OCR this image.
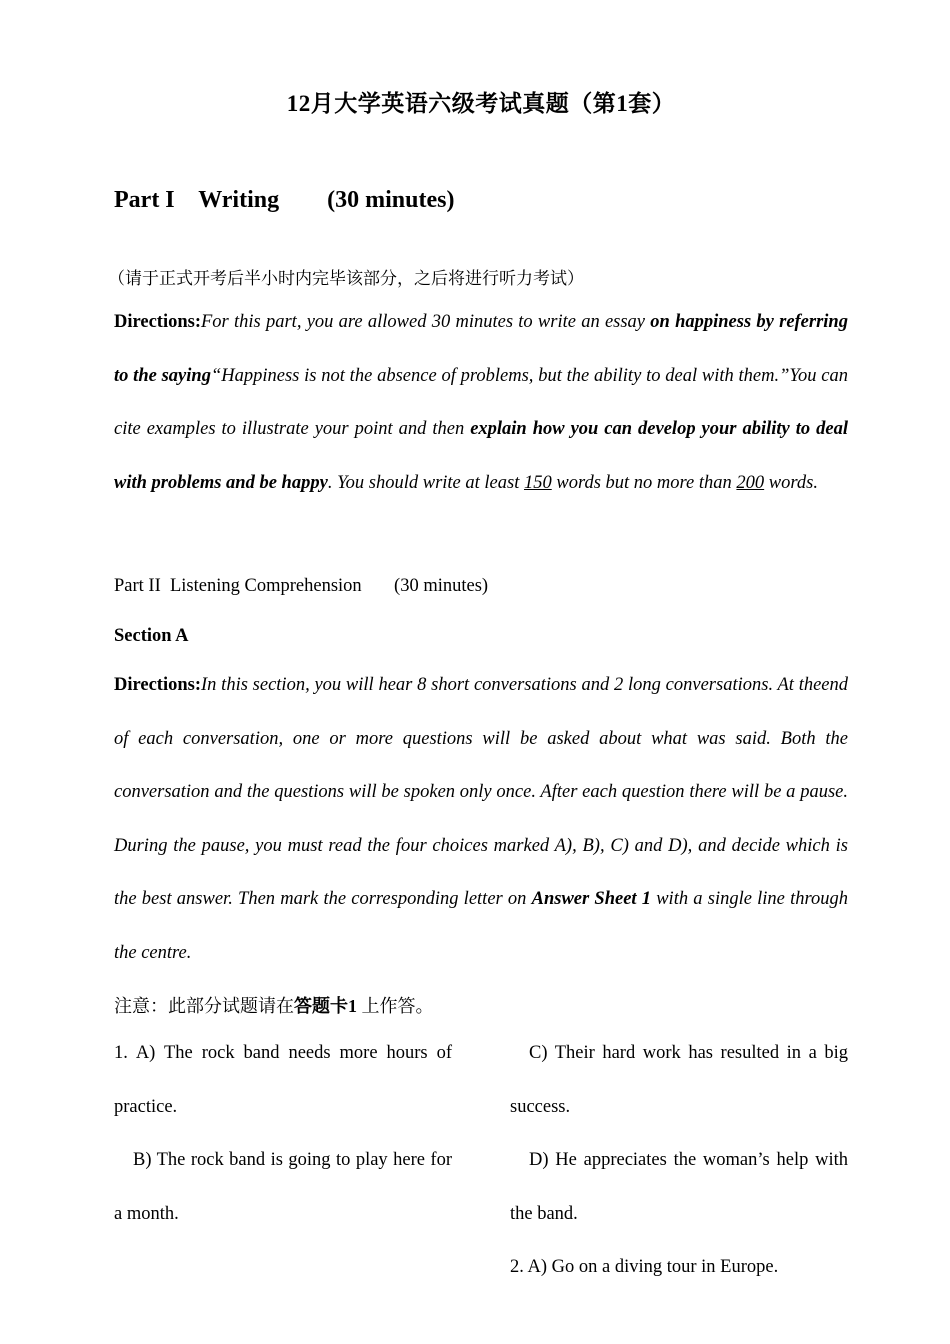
12月大学英语六级考试真题（第1套）
Part I    Writing        (30 minutes)
（请于正式开考后半小时内完毕该部分，之后将进行听力考试）
Directions:For this part, you are allowed 30 minutes to write an essay on happiness by referring to the saying“Happiness is not the absence of problems, but the ability to deal with them.”You can cite examples to illustrate your point and then explain how you can develop your ability to deal with problems and be happy. You should write at least 150 words but no more than 200 words.
Part II  Listening Comprehension       (30 minutes)
Section A
Directions:In this section, you will hear 8 short conversations and 2 long conversations. At theend of each conversation, one or more questions will be asked about what was said. Both the conversation and the questions will be spoken only once. After each question there will be a pause. During the pause, you must read the four choices marked A), B), C) and D), and decide which is the best answer. Then mark the corresponding letter on Answer Sheet 1 with a single line through the centre.
注意：此部分试题请在答题卡1 上作答。
1. A) The rock band needs more hours of practice.
B) The rock band is going to play here for a month.
C) Their hard work has resulted in a big success.
D) He appreciates the woman’s help with the band.
2. A) Go on a diving tour in Europe.
